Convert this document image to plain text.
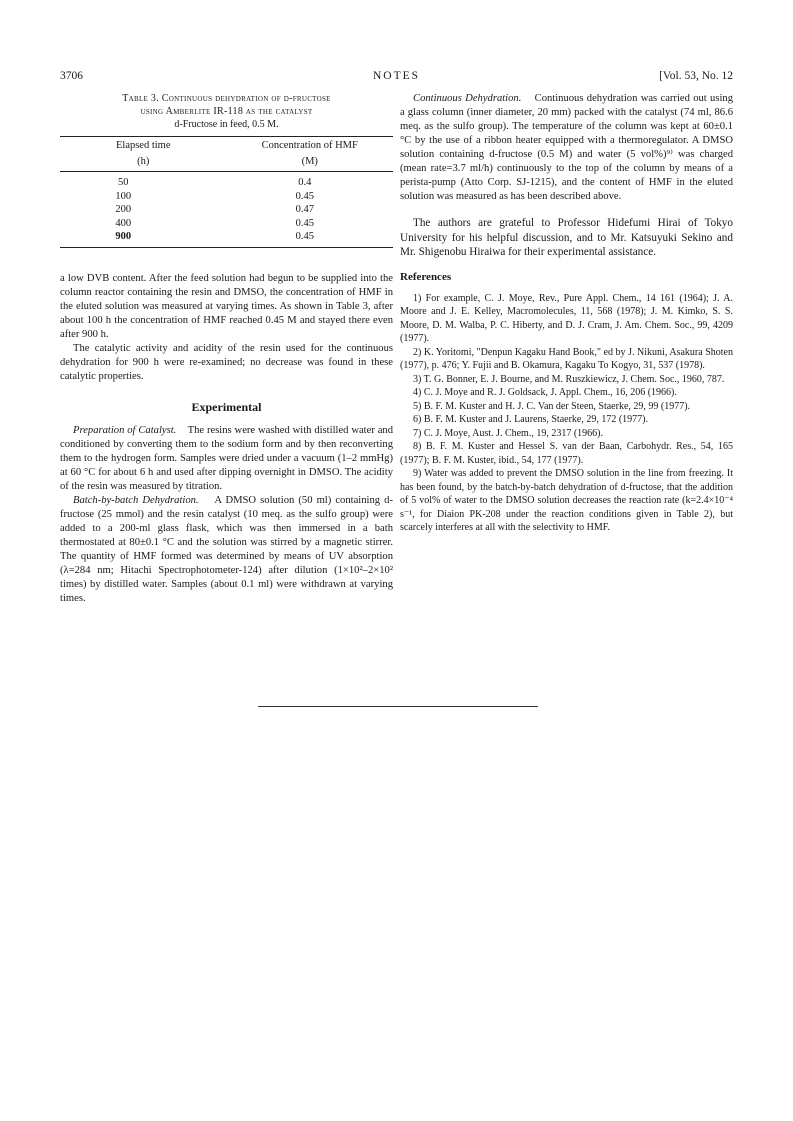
3706	NOTES	[Vol. 53, No. 12
Table 3. Continuous dehydration of d-fructose
using Amberlite IR-118 as the catalyst
d-Fructose in feed, 0.5 M.
Elapsed time	Concentration of HMF
(h)	(M)
50	0.4
100	0.45
200	0.47
400	0.45
900	0.45

a low DVB content. After the feed solution had begun to be supplied into the column reactor containing the resin and DMSO, the concentration of HMF in the eluted solution was measured at varying times. As shown in Table 3, after about 100 h the concentration of HMF reached 0.45 M and stayed there even after 900 h.

The catalytic activity and acidity of the resin used for the continuous dehydration for 900 h were re-examined; no decrease was found in these catalytic properties.

Experimental

Preparation of Catalyst. The resins were washed with distilled water and conditioned by converting them to the sodium form and by then reconverting them to the hydrogen form. Samples were dried under a vacuum (1–2 mmHg) at 60 °C for about 6 h and used after dipping overnight in DMSO. The acidity of the resin was measured by titration.

Batch-by-batch Dehydration. A DMSO solution (50 ml) containing d-fructose (25 mmol) and the resin catalyst (10 meq. as the sulfo group) were added to a 200-ml glass flask, which was then immersed in a bath thermostated at 80±0.1 °C and the solution was stirred by a magnetic stirrer. The quantity of HMF formed was determined by means of UV absorption (λ=284 nm; Hitachi Spectrophotometer-124) after dilution (1×10²–2×10² times) by distilled water. Samples (about 0.1 ml) were withdrawn at varying times.

Continuous Dehydration. Continuous dehydration was carried out using a glass column (inner diameter, 20 mm) packed with the catalyst (74 ml, 86.6 meq. as the sulfo group). The temperature of the column was kept at 60±0.1 °C by the use of a ribbon heater equipped with a thermoregulator. A DMSO solution containing d-fructose (0.5 M) and water (5 vol%)⁹⁾ was charged (mean rate=3.7 ml/h) continuously to the top of the column by means of a perista-pump (Atto Corp. SJ-1215), and the content of HMF in the eluted solution was measured as has been described above.

The authors are grateful to Professor Hidefumi Hirai of Tokyo University for his helpful discussion, and to Mr. Katsuyuki Sekino and Mr. Shigenobu Hiraiwa for their experimental assistance.

References

1) For example, C. J. Moye, Rev., Pure Appl. Chem., 14 161 (1964); J. A. Moore and J. E. Kelley, Macromolecules, 11, 568 (1978); J. M. Kimko, S. S. Moore, D. M. Walba, P. C. Hiberty, and D. J. Cram, J. Am. Chem. Soc., 99, 4209 (1977).

2) K. Yoritomi, "Denpun Kagaku Hand Book," ed by J. Nikuni, Asakura Shoten (1977), p. 476; Y. Fujii and B. Okamura, Kagaku To Kogyo, 31, 537 (1978).

3) T. G. Bonner, E. J. Bourne, and M. Ruszkiewicz, J. Chem. Soc., 1960, 787.

4) C. J. Moye and R. J. Goldsack, J. Appl. Chem., 16, 206 (1966).

5) B. F. M. Kuster and H. J. C. Van der Steen, Staerke, 29, 99 (1977).

6) B. F. M. Kuster and J. Laurens, Staerke, 29, 172 (1977).

7) C. J. Moye, Aust. J. Chem., 19, 2317 (1966).

8) B. F. M. Kuster and Hessel S. van der Baan, Carbohydr. Res., 54, 165 (1977); B. F. M. Kuster, ibid., 54, 177 (1977).

9) Water was added to prevent the DMSO solution in the line from freezing. It has been found, by the batch-by-batch dehydration of d-fructose, that the addition of 5 vol% of water to the DMSO solution decreases the reaction rate (k=2.4×10⁻⁴ s⁻¹, for Diaion PK-208 under the reaction conditions given in Table 2), but scarcely interferes at all with the selectivity to HMF.
